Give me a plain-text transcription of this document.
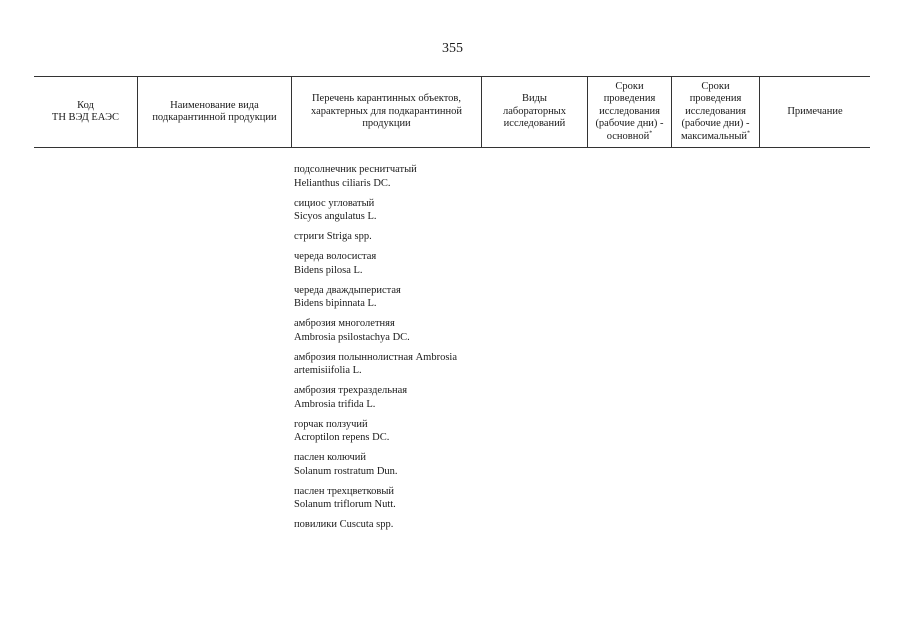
355
Код
ТН ВЭД ЕАЭС
Наименование вида
подкарантинной продукции
Перечень карантинных объектов,
характерных для подкарантинной
продукции
Виды
лабораторных
исследований
Сроки
проведения
исследования
(рабочие дни) -
основной*
Сроки
проведения
исследования
(рабочие дни) -
максимальный*
Примечание
подсолнечник реснитчатый
Helianthus ciliaris DC.
сициос угловатый
Sicyos angulatus L.
стриги Striga spp.
череда волосистая
Bidens pilosa L.
череда дваждыперистая
Bidens bipinnata L.
амброзия многолетняя
Ambrosia psilostachya DC.
амброзия полыннолистная Ambrosia
artemisiifolia L.
амброзия трехраздельная
Ambrosia trifida L.
горчак ползучий
Acroptilon repens DC.
паслен колючий
Solanum rostratum Dun.
паслен трехцветковый
Solanum triflorum Nutt.
повилики Cuscuta spp.
